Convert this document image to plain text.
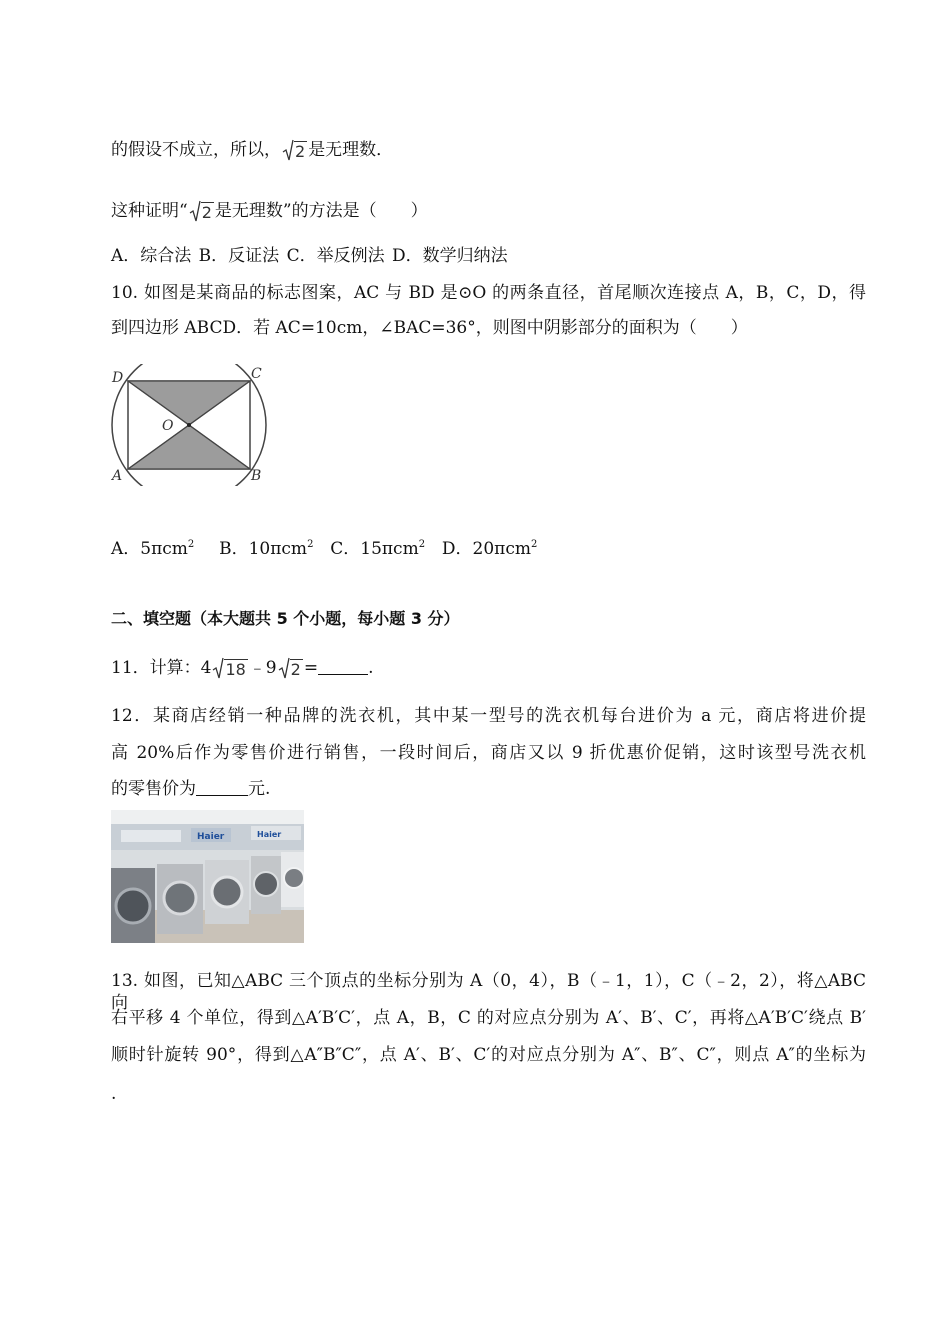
的假设不成立，所以， 2 是无理数．
这种证明“ 2 是无理数”的方法是（　　）
A．综合法 B．反证法 C．举反例法 D．数学归纳法
10. 如图是某商品的标志图案，AC 与 BD 是⊙O 的两条直径，首尾顺次连接点 A，B，C，D，得
到四边形 ABCD．若 AC=10cm，∠BAC=36°，则图中阴影部分的面积为（　　）
D	C
O
A	B
A．5πcm$^2$ B．10πcm$^2$ C．15πcm$^2$ D．20πcm$^2$
二、填空题（本大题共 5 个小题，每小题 3 分）
11．计算：4 18 ﹣9 2 =	.
12．某商店经销一种品牌的洗衣机，其中某一型号的洗衣机每台进价为 a 元，商店将进价提
高 20%后作为零售价进行销售，一段时间后，商店又以 9 折优惠价促销，这时该型号洗衣机
的零售价为	元.
Haier	Haier
13. 如图，已知△ABC 三个顶点的坐标分别为 A（0，4），B（﹣1，1），C（﹣2，2），将△ABC 向
右平移 4 个单位，得到△A′B′C′，点 A，B，C 的对应点分别为 A′、B′、C′，再将△A′B′C′绕点 B′
顺时针旋转 90°，得到△A″B″C″，点 A′、B′、C′的对应点分别为 A″、B″、C″，则点 A″的坐标为
.
